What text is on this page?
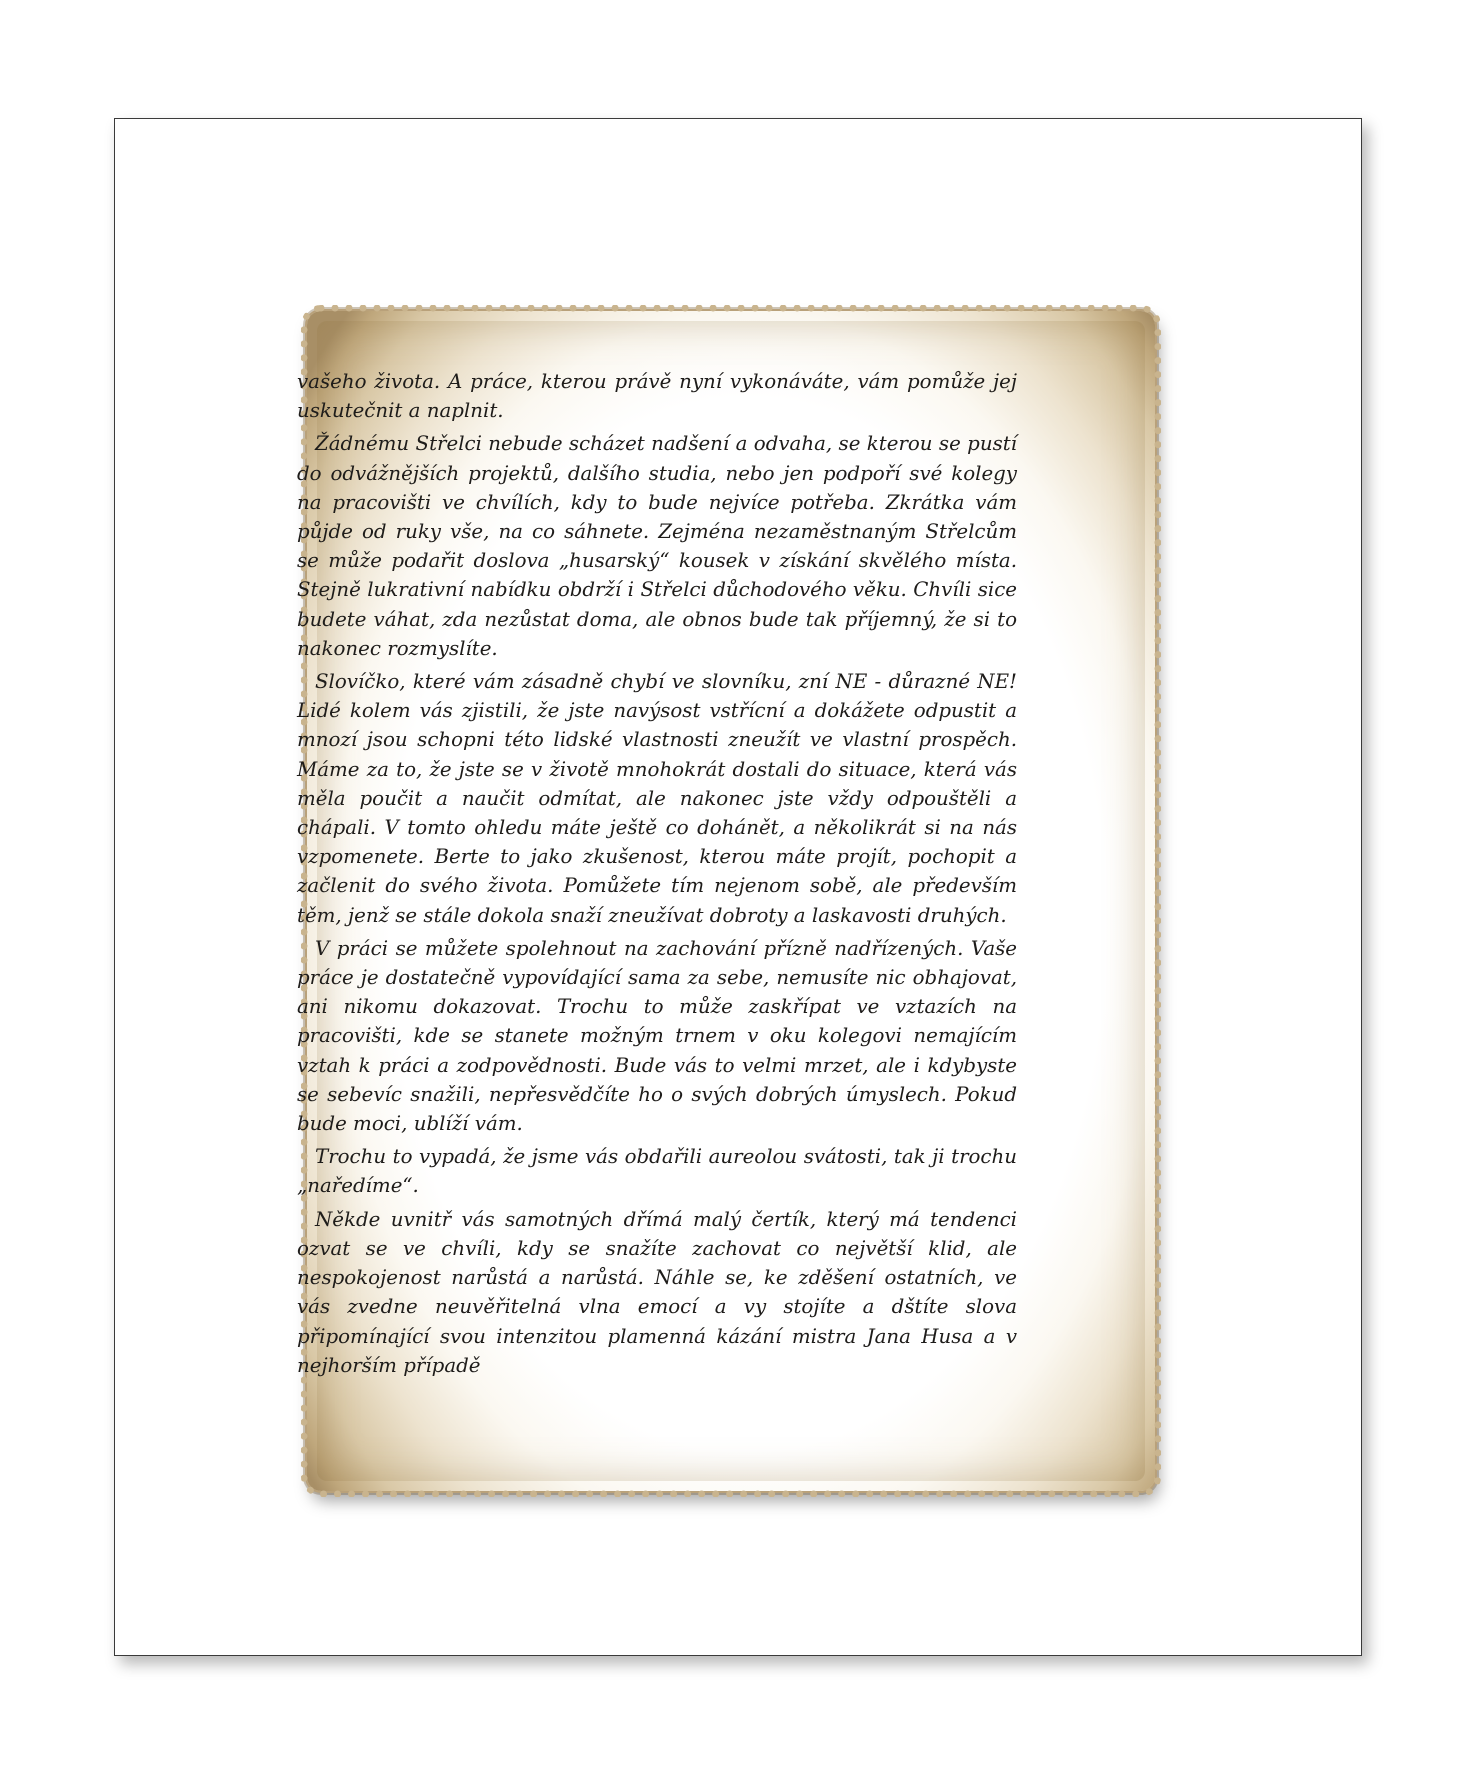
vašeho života. A práce, kterou právě nyní vykonáváte, vám pomůže jej uskutečnit a naplnit.

Žádnému Střelci nebude scházet nadšení a odvaha, se kterou se pustí do odvážnějších projektů, dalšího studia, nebo jen podpoří své kolegy na pracovišti ve chvílích, kdy to bude nejvíce potřeba. Zkrátka vám půjde od ruky vše, na co sáhnete. Zejména nezaměstnaným Střelcům se může podařit doslova „husarský“ kousek v získání skvělého místa. Stejně lukrativní nabídku obdrží i Střelci důchodového věku. Chvíli sice budete váhat, zda nezůstat doma, ale obnos bude tak příjemný, že si to nakonec rozmyslíte.

Slovíčko, které vám zásadně chybí ve slovníku, zní NE - důrazné NE! Lidé kolem vás zjistili, že jste navýsost vstřícní a dokážete odpustit a mnozí jsou schopni této lidské vlastnosti zneužít ve vlastní prospěch. Máme za to, že jste se v životě mnohokrát dostali do situace, která vás měla poučit a naučit odmítat, ale nakonec jste vždy odpouštěli a chápali. V tomto ohledu máte ještě co dohánět, a několikrát si na nás vzpomenete. Berte to jako zkušenost, kterou máte projít, pochopit a začlenit do svého života. Pomůžete tím nejenom sobě, ale především těm, jenž se stále dokola snaží zneužívat dobroty a laskavosti druhých.

V práci se můžete spolehnout na zachování přízně nadřízených. Vaše práce je dostatečně vypovídající sama za sebe, nemusíte nic obhajovat, ani nikomu dokazovat. Trochu to může zaskřípat ve vztazích na pracovišti, kde se stanete možným trnem v oku kolegovi nemajícím vztah k práci a zodpovědnosti. Bude vás to velmi mrzet, ale i kdybyste se sebevíc snažili, nepřesvědčíte ho o svých dobrých úmyslech. Pokud bude moci, ublíží vám.

Trochu to vypadá, že jsme vás obdařili aureolou svátosti, tak ji trochu „naředíme“.

Někde uvnitř vás samotných dřímá malý čertík, který má tendenci ozvat se ve chvíli, kdy se snažíte zachovat co největší klid, ale nespokojenost narůstá a narůstá. Náhle se, ke zděšení ostatních, ve vás zvedne neuvěřitelná vlna emocí a vy stojíte a dštíte slova připomínající svou intenzitou plamenná kázání mistra Jana Husa a v nejhorším případě
